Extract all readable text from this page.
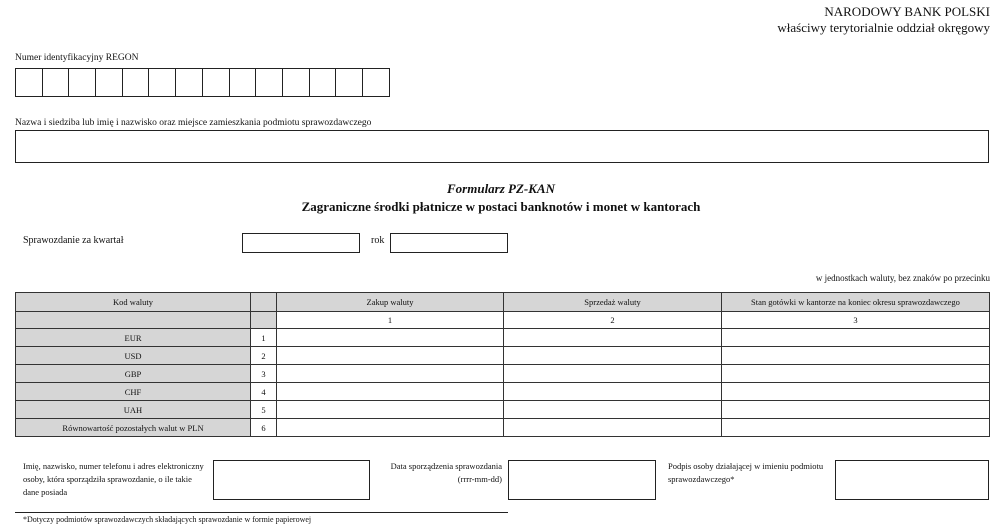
NARODOWY BANK POLSKI
właściwy terytorialnie oddział okręgowy
Numer identyfikacyjny REGON
Nazwa i siedziba lub imię i nazwisko oraz miejsce zamieszkania podmiotu sprawozdawczego
Formularz PZ-KAN
Zagraniczne środki płatnicze w postaci banknotów i monet w kantorach
Sprawozdanie za kwartał	rok
w jednostkach waluty, bez znaków po przecinku
Kod waluty		Zakup waluty	Sprzedaż waluty	Stan gotówki w kantorze na koniec okresu sprawozdawczego
		1	2	3
EUR	1			
USD	2			
GBP	3			
CHF	4			
UAH	5			
Równowartość pozostałych walut w PLN	6			
Imię, nazwisko, numer telefonu i adres elektroniczny osoby, która sporządziła sprawozdanie, o ile takie dane posiada
Data sporządzenia sprawozdania (rrrr-mm-dd)
Podpis osoby działającej w imieniu podmiotu sprawozdawczego*
*Dotyczy podmiotów sprawozdawczych składających sprawozdanie w formie papierowej
